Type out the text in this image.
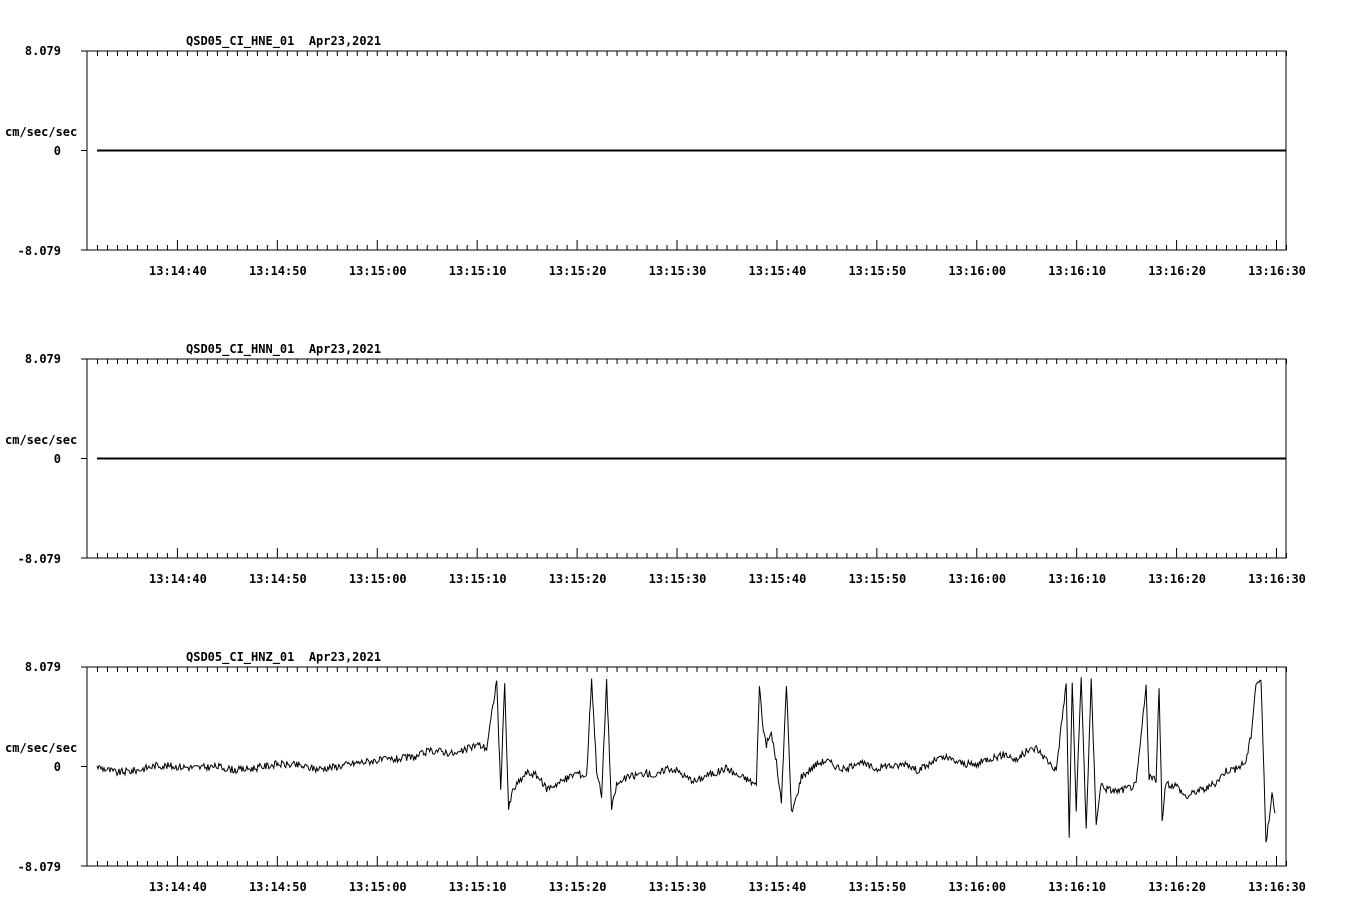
QSD05_CI_HNE_01  Apr23,2021
cm/sec/sec
8.079
0
-8.079
13:14:40	13:14:50	13:15:00	13:15:10	13:15:20	13:15:30	13:15:40	13:15:50	13:16:00	13:16:10	13:16:20	13:16:30
QSD05_CI_HNN_01  Apr23,2021
cm/sec/sec
8.079
0
-8.079
13:14:40	13:14:50	13:15:00	13:15:10	13:15:20	13:15:30	13:15:40	13:15:50	13:16:00	13:16:10	13:16:20	13:16:30
QSD05_CI_HNZ_01  Apr23,2021
cm/sec/sec
8.079
0
-8.079
13:14:40	13:14:50	13:15:00	13:15:10	13:15:20	13:15:30	13:15:40	13:15:50	13:16:00	13:16:10	13:16:20	13:16:30
